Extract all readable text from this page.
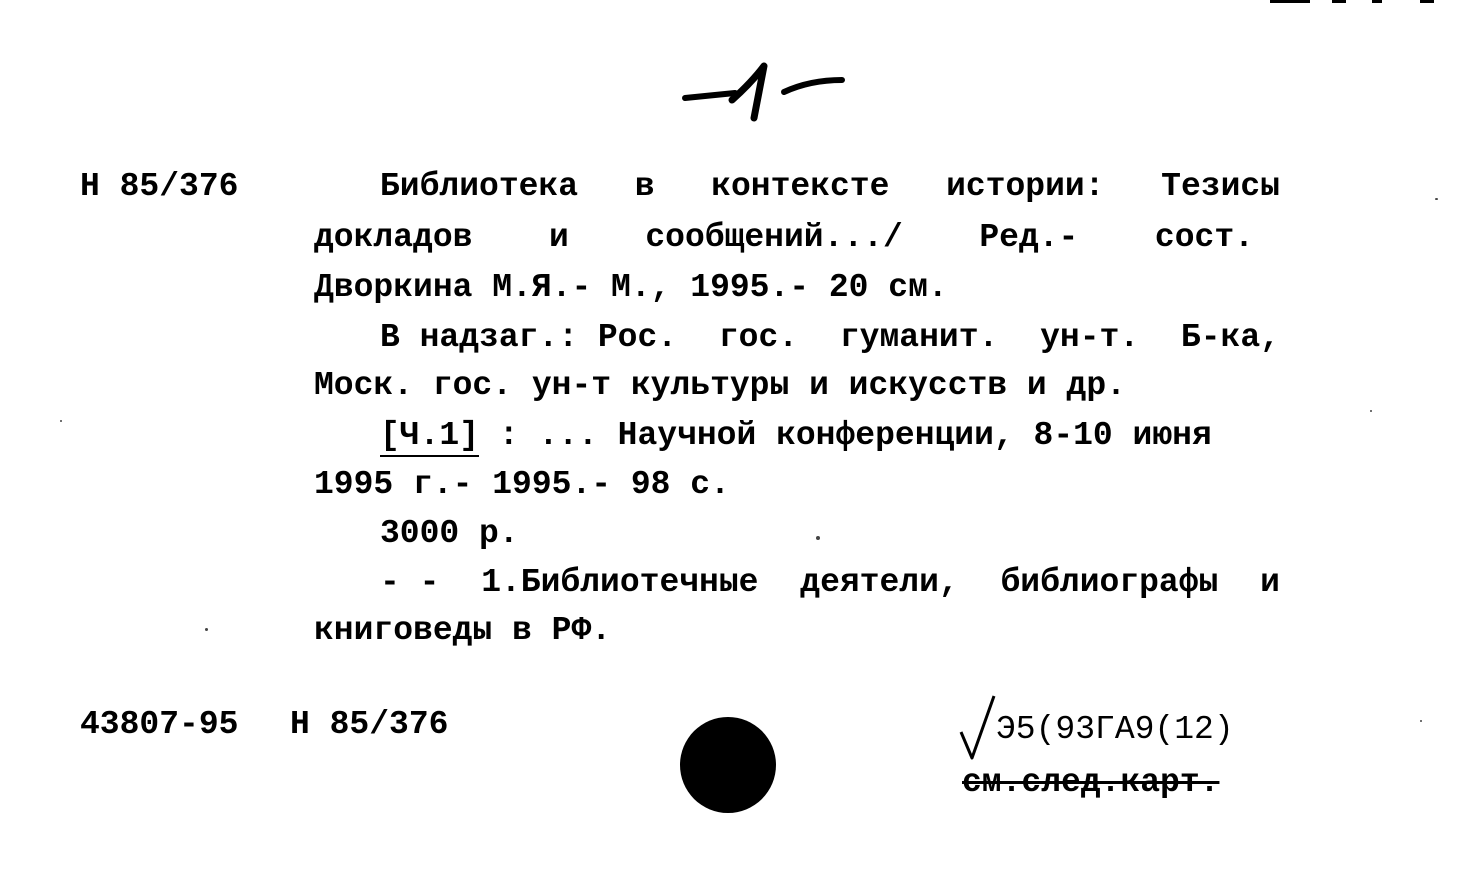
Н 85/376	Библиотека в контексте истории: Тезисы
докладов и сообщений.../ Ред.- сост.
Дворкина М.Я.- М., 1995.- 20 см.
В надзаг.: Рос. гос. гуманит. ун-т. Б-ка,
Моск. гос. ун-т культуры и искусств и др.
[Ч.1] : ... Научной конференции, 8-10 июня
1995 г.- 1995.- 98 с.
3000 р.
- - 1.Библиотечные деятели, библиографы и
книговеды в РФ.
43807-95 Н 85/376	Э5(93ГА9(12)
см.след.карт.
